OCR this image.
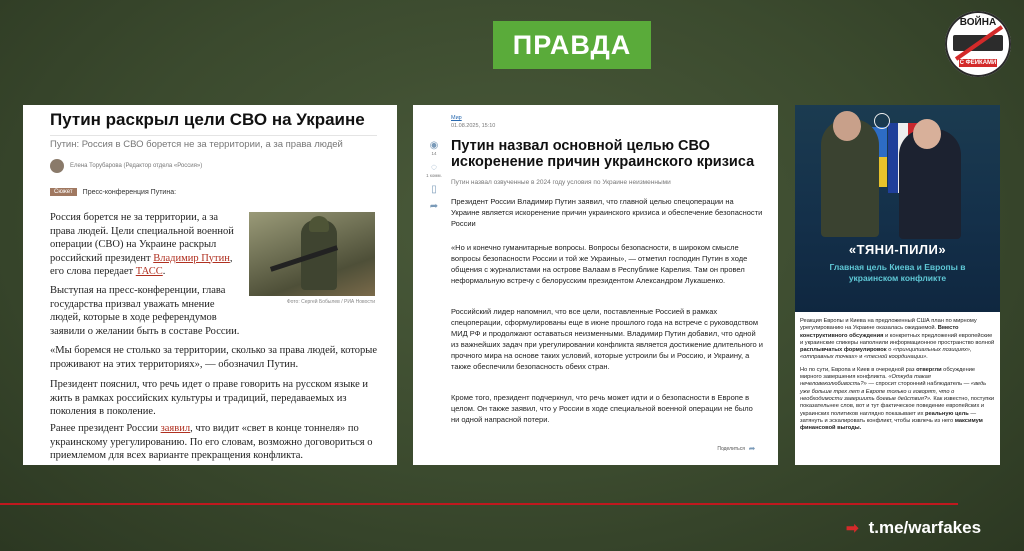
ПРАВДА
ВОЙНА
С ФЕЙКАМИ
Путин раскрыл цели СВО на Украине
Путин: Россия в СВО борется не за территории, а за права людей
Елена Торубарова (Редактор отдела «Россия»)
Сюжет	Пресс-конференция Путина:

Россия борется не за территории, а за права людей. Цели специальной военной операции (СВО) на Украине раскрыл российский президент Владимир Путин, его слова передает ТАСС.

Фото: Сергей Бобылев / РИА Новости

Выступая на пресс-конференции, глава государства призвал уважать мнение людей, которые в ходе референдумов заявили о желании быть в составе России.

«Мы боремся не столько за территории, сколько за права людей, которые проживают на этих территориях», — обозначил Путин.

Президент пояснил, что речь идет о праве говорить на русском языке и жить в рамках российских культуры и традиций, передаваемых из поколения в поколение.

Ранее президент России заявил, что видит «свет в конце тоннеля» по украинскому урегулированию. По его словам, возможно договориться о приемлемом для всех варианте прекращения конфликта.

◉
14
◌
1 комм.
▯
➦
Мир
01.08.2025, 15:10
Путин назвал основной целью СВО искоренение причин украинского кризиса
Путин назвал озвученные в 2024 году условия по Украине неизменными

Президент России Владимир Путин заявил, что главной целью спецоперации на Украине является искоренение причин украинского кризиса и обеспечение безопасности России

«Но и конечно гуманитарные вопросы. Вопросы безопасности, в широком смысле вопросы безопасности России и той же Украины», — отметил господин Путин в ходе общения с журналистами на острове Валаам в Республике Карелия. Там он провел неформальную встречу с белорусским президентом Александром Лукашенко.

Российский лидер напомнил, что все цели, поставленные Россией в рамках спецоперации, сформулированы еще в июне прошлого года на встрече с руководством МИД РФ и продолжают оставаться неизменными. Владимир Путин добавил, что одной из важнейших задач при урегулировании конфликта является достижение длительного и прочного мира на основе таких условий, которые устроили бы и Россию, и Украину, а также обеспечили безопасность обеих стран.

Кроме того, президент подчеркнул, что речь может идти и о безопасности в Европе в целом. Он также заявил, что у России в ходе специальной военной операции не было ни одной напрасной потери.

Поделиться ➦
«ТЯНИ-ПИЛИ»
Главная цель Киева и Европы в украинском конфликте

Реакция Европы и Киева на предложенный США план по мирному урегулированию на Украине оказалась ожидаемой. Вместо конструктивного обсуждения и конкретных предложений европейские и украинские спикеры наполнили информационное пространство волной расплывчатых формулировок о «принципиальных позициях», «отправных точках» и «тесной координации».

Но по сути, Европа и Киев в очередной раз отвергли обсуждение мирного завершения конфликта. «Откуда такая нечеловеколюбивость?» — спросит сторонний наблюдатель — «ведь уже больше трех лет в Европе только и говорят, что о необходимости завершить боевые действия?». Как известно, поступки показательнее слов, вот и тут фактическое поведение европейских и украинских политиков наглядно показывает их реальную цель — затянуть и эскалировать конфликт, чтобы извлечь из него максимум финансовой выгоды.

➡ t.me/warfakes
